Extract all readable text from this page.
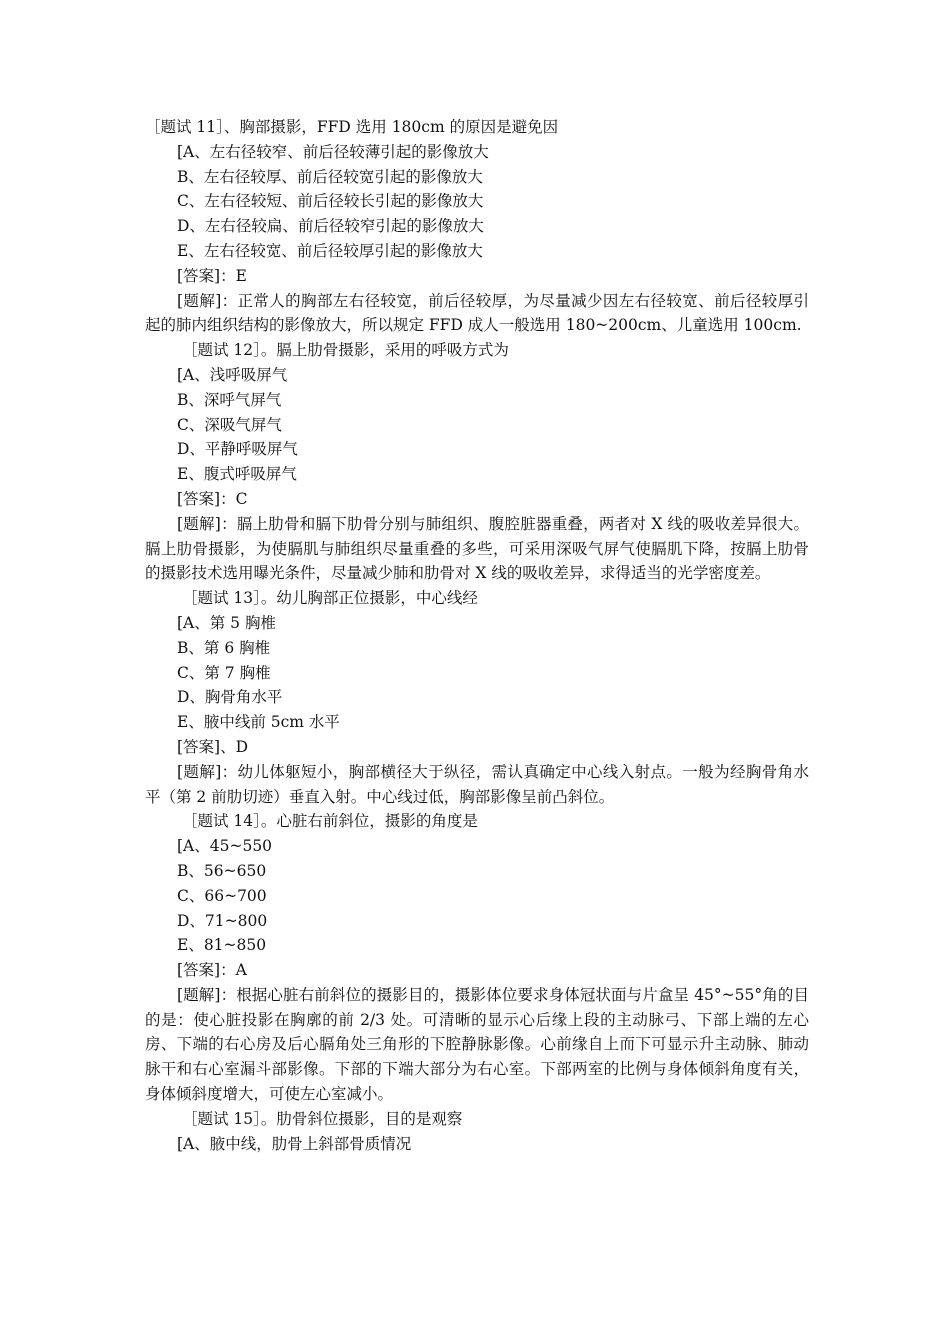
［题试 11］、胸部摄影，FFD 选用 180cm 的原因是避免因

[A、左右径较窄、前后径较薄引起的影像放大

B、左右径较厚、前后径较宽引起的影像放大

C、左右径较短、前后径较长引起的影像放大

D、左右径较扁、前后径较窄引起的影像放大

E、左右径较宽、前后径较厚引起的影像放大

[答案]：E

[题解]：正常人的胸部左右径较宽，前后径较厚，为尽量减少因左右径较宽、前后径较厚引起的肺内组织结构的影像放大，所以规定 FFD 成人一般选用 180~200cm、儿童选用 100cm.

［题试 12］。膈上肋骨摄影，采用的呼吸方式为

[A、浅呼吸屏气

B、深呼气屏气

C、深吸气屏气

D、平静呼吸屏气

E、腹式呼吸屏气

[答案]：C

[题解]：膈上肋骨和膈下肋骨分别与肺组织、腹腔脏器重叠，两者对 X 线的吸收差异很大。膈上肋骨摄影，为使膈肌与肺组织尽量重叠的多些，可采用深吸气屏气使膈肌下降，按膈上肋骨的摄影技术选用曝光条件，尽量减少肺和肋骨对 X 线的吸收差异，求得适当的光学密度差。

［题试 13］。幼儿胸部正位摄影，中心线经

[A、第 5 胸椎

B、第 6 胸椎

C、第 7 胸椎

D、胸骨角水平

E、腋中线前 5cm 水平

[答案]、D

[题解]：幼儿体躯短小，胸部横径大于纵径，需认真确定中心线入射点。一般为经胸骨角水平（第 2 前肋切迹）垂直入射。中心线过低，胸部影像呈前凸斜位。

［题试 14］。心脏右前斜位，摄影的角度是

[A、45~550

B、56~650

C、66~700

D、71~800

E、81~850

[答案]：A

[题解]：根据心脏右前斜位的摄影目的，摄影体位要求身体冠状面与片盒呈 45°~55°角的目的是：使心脏投影在胸廓的前 2/3 处。可清晰的显示心后缘上段的主动脉弓、下部上端的左心房、下端的右心房及后心膈角处三角形的下腔静脉影像。心前缘自上而下可显示升主动脉、肺动脉干和右心室漏斗部影像。下部的下端大部分为右心室。下部两室的比例与身体倾斜角度有关，身体倾斜度增大，可使左心室减小。

［题试 15］。肋骨斜位摄影，目的是观察

[A、腋中线，肋骨上斜部骨质情况
